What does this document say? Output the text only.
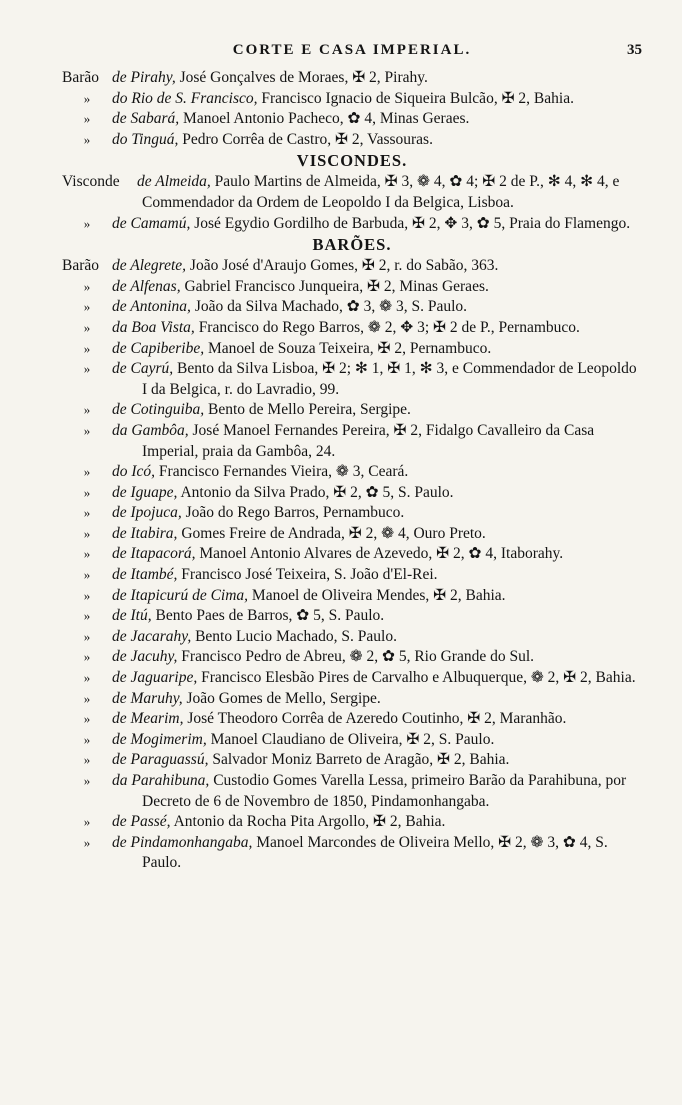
CORTE E CASA IMPERIAL.	35

Barão de Pirahy, José Gonçalves de Moraes, ✠ 2, Pirahy.

» do Rio de S. Francisco, Francisco Ignacio de Siqueira Bulcão, ✠ 2, Bahia.

» de Sabará, Manoel Antonio Pacheco, ✿ 4, Minas Geraes.

» do Tinguá, Pedro Corrêa de Castro, ✠ 2, Vassouras.

VISCONDES.

Visconde de Almeida, Paulo Martins de Almeida, ✠ 3, ❁ 4, ✿ 4; ✠ 2 de P., ✻ 4, ✻ 4, e Commendador da Ordem de Leopoldo I da Belgica, Lisboa.

» de Camamú, José Egydio Gordilho de Barbuda, ✠ 2, ✥ 3, ✿ 5, Praia do Flamengo.

BARÕES.

Barão de Alegrete, João José d'Araujo Gomes, ✠ 2, r. do Sabão, 363.

» de Alfenas, Gabriel Francisco Junqueira, ✠ 2, Minas Geraes.

» de Antonina, João da Silva Machado, ✿ 3, ❁ 3, S. Paulo.

» da Boa Vista, Francisco do Rego Barros, ❁ 2, ✥ 3; ✠ 2 de P., Pernambuco.

» de Capiberibe, Manoel de Souza Teixeira, ✠ 2, Pernambuco.

» de Cayrú, Bento da Silva Lisboa, ✠ 2; ✻ 1, ✠ 1, ✻ 3, e Commendador de Leopoldo I da Belgica, r. do Lavradio, 99.

» de Cotinguiba, Bento de Mello Pereira, Sergipe.

» da Gambôa, José Manoel Fernandes Pereira, ✠ 2, Fidalgo Cavalleiro da Casa Imperial, praia da Gambôa, 24.

» do Icó, Francisco Fernandes Vieira, ❁ 3, Ceará.

» de Iguape, Antonio da Silva Prado, ✠ 2, ✿ 5, S. Paulo.

» de Ipojuca, João do Rego Barros, Pernambuco.

» de Itabira, Gomes Freire de Andrada, ✠ 2, ❁ 4, Ouro Preto.

» de Itapacorá, Manoel Antonio Alvares de Azevedo, ✠ 2, ✿ 4, Itaborahy.

» de Itambé, Francisco José Teixeira, S. João d'El-Rei.

» de Itapicurú de Cima, Manoel de Oliveira Mendes, ✠ 2, Bahia.

» de Itú, Bento Paes de Barros, ✿ 5, S. Paulo.

» de Jacarahy, Bento Lucio Machado, S. Paulo.

» de Jacuhy, Francisco Pedro de Abreu, ❁ 2, ✿ 5, Rio Grande do Sul.

» de Jaguaripe, Francisco Elesbão Pires de Carvalho e Albuquerque, ❁ 2, ✠ 2, Bahia.

» de Maruhy, João Gomes de Mello, Sergipe.

» de Mearim, José Theodoro Corrêa de Azeredo Coutinho, ✠ 2, Maranhão.

» de Mogimerim, Manoel Claudiano de Oliveira, ✠ 2, S. Paulo.

» de Paraguassú, Salvador Moniz Barreto de Aragão, ✠ 2, Bahia.

» da Parahibuna, Custodio Gomes Varella Lessa, primeiro Barão da Parahibuna, por Decreto de 6 de Novembro de 1850, Pindamonhangaba.

» de Passé, Antonio da Rocha Pita Argollo, ✠ 2, Bahia.

» de Pindamonhangaba, Manoel Marcondes de Oliveira Mello, ✠ 2, ❁ 3, ✿ 4, S. Paulo.
